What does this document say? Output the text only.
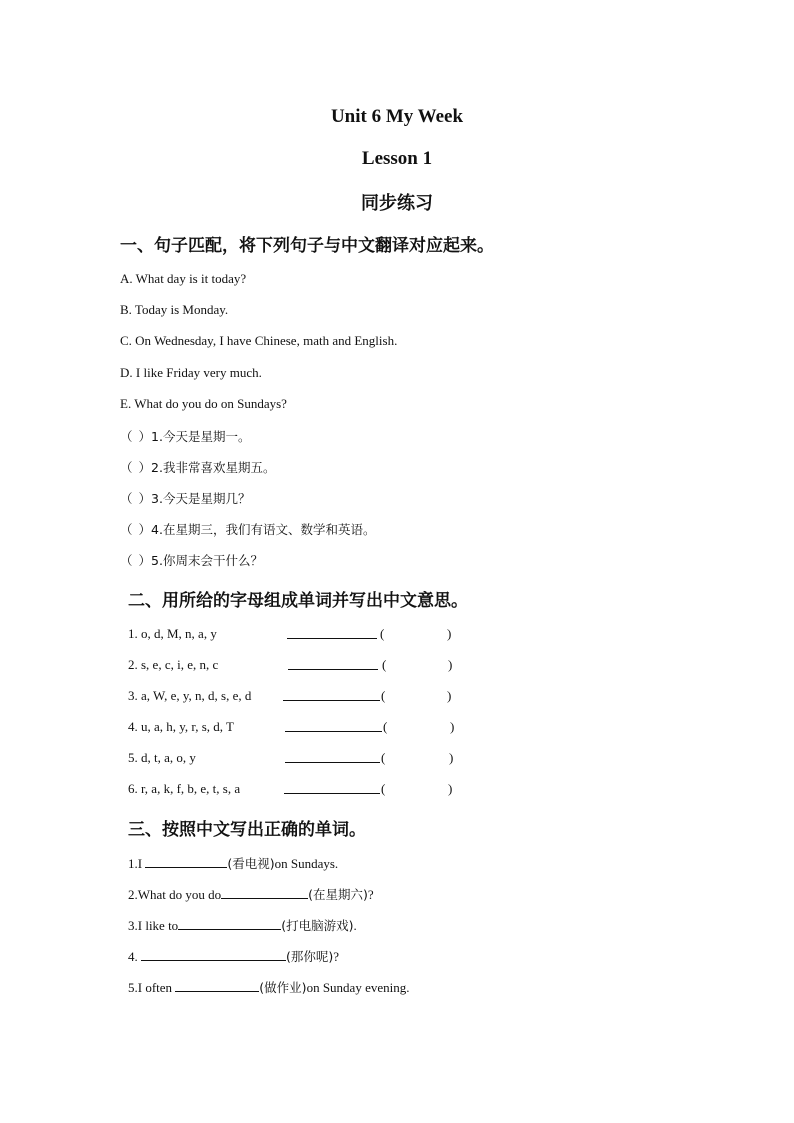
Unit 6 My Week
Lesson 1
同步练习
一、句子匹配，将下列句子与中文翻译对应起来。
A. What day is it today?
B. Today is Monday.
C. On Wednesday, I have Chinese, math and English.
D. I like Friday very much.
E. What do you do on Sundays?
（ ）1.今天是星期一。
（ ）2.我非常喜欢星期五。
（ ）3.今天是星期几？
（ ）4.在星期三，我们有语文、数学和英语。
（ ）5.你周末会干什么？
二、用所给的字母组成单词并写出中文意思。
1. o, d, M, n, a, y	(	)
2. s, e, c, i, e, n, c	(	)
3. a, W, e, y, n, d, s, e, d	(	)
4. u, a, h, y, r, s, d, T	(	)
5. d, t, a, o, y	(	)
6. r, a, k, f, b, e, t, s, a	(	)
三、按照中文写出正确的单词。
1.I	(看电视)on Sundays.
2.What do you do	(在星期六)?
3.I like to	(打电脑游戏).
4.	(那你呢)?
5.I often	(做作业)on Sunday evening.
